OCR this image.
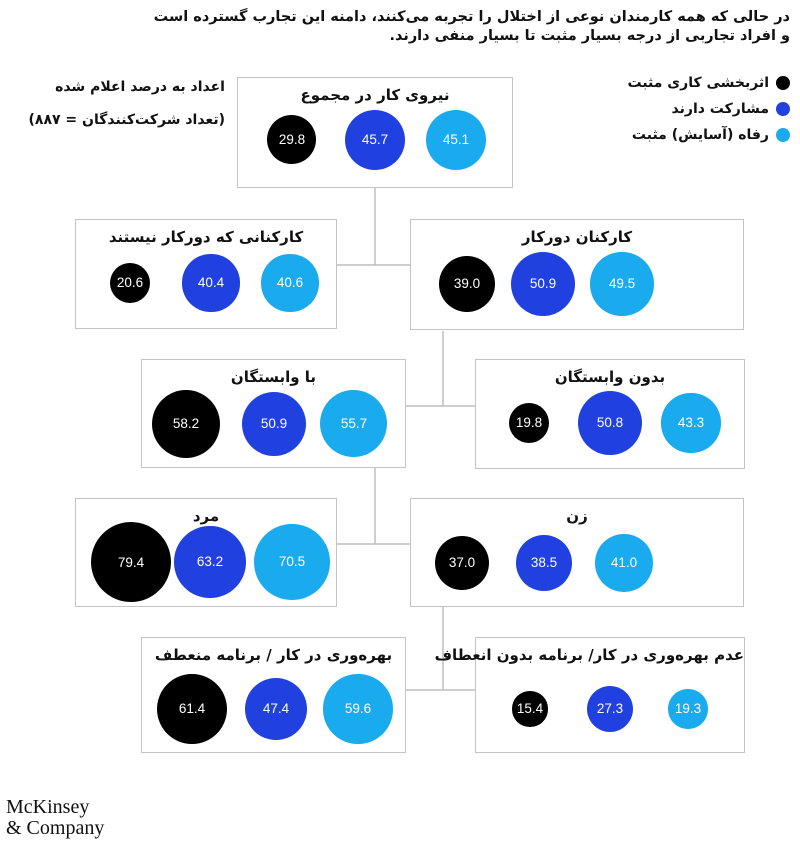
در حالی که همه کارمندان نوعی از اختلال را تجربه می‌کنند، دامنه این تجارب گسترده است
و افراد تجاربی از درجه بسیار مثبت تا بسیار منفی دارند.
اعداد به درصد اعلام شده
(تعداد شرکت‌کنندگان = ۸۸۷)
اثربخشی کاری مثبت
مشارکت دارند
رفاه (آسایش) مثبت
نیروی کار در مجموع
29.8	45.7	45.1
کارکنانی که دورکار نیستند
20.6	40.4	40.6
کارکنان دورکار
39.0	50.9	49.5
با وابستگان
58.2	50.9	55.7
بدون وابستگان
19.8	50.8	43.3
مرد
79.4	63.2	70.5
زن
37.0	38.5	41.0
بهره‌وری در کار / برنامه منعطف
61.4	47.4	59.6
عدم بهره‌وری در کار/ برنامه بدون انعطاف
15.4	27.3	19.3
McKinsey
& Company
